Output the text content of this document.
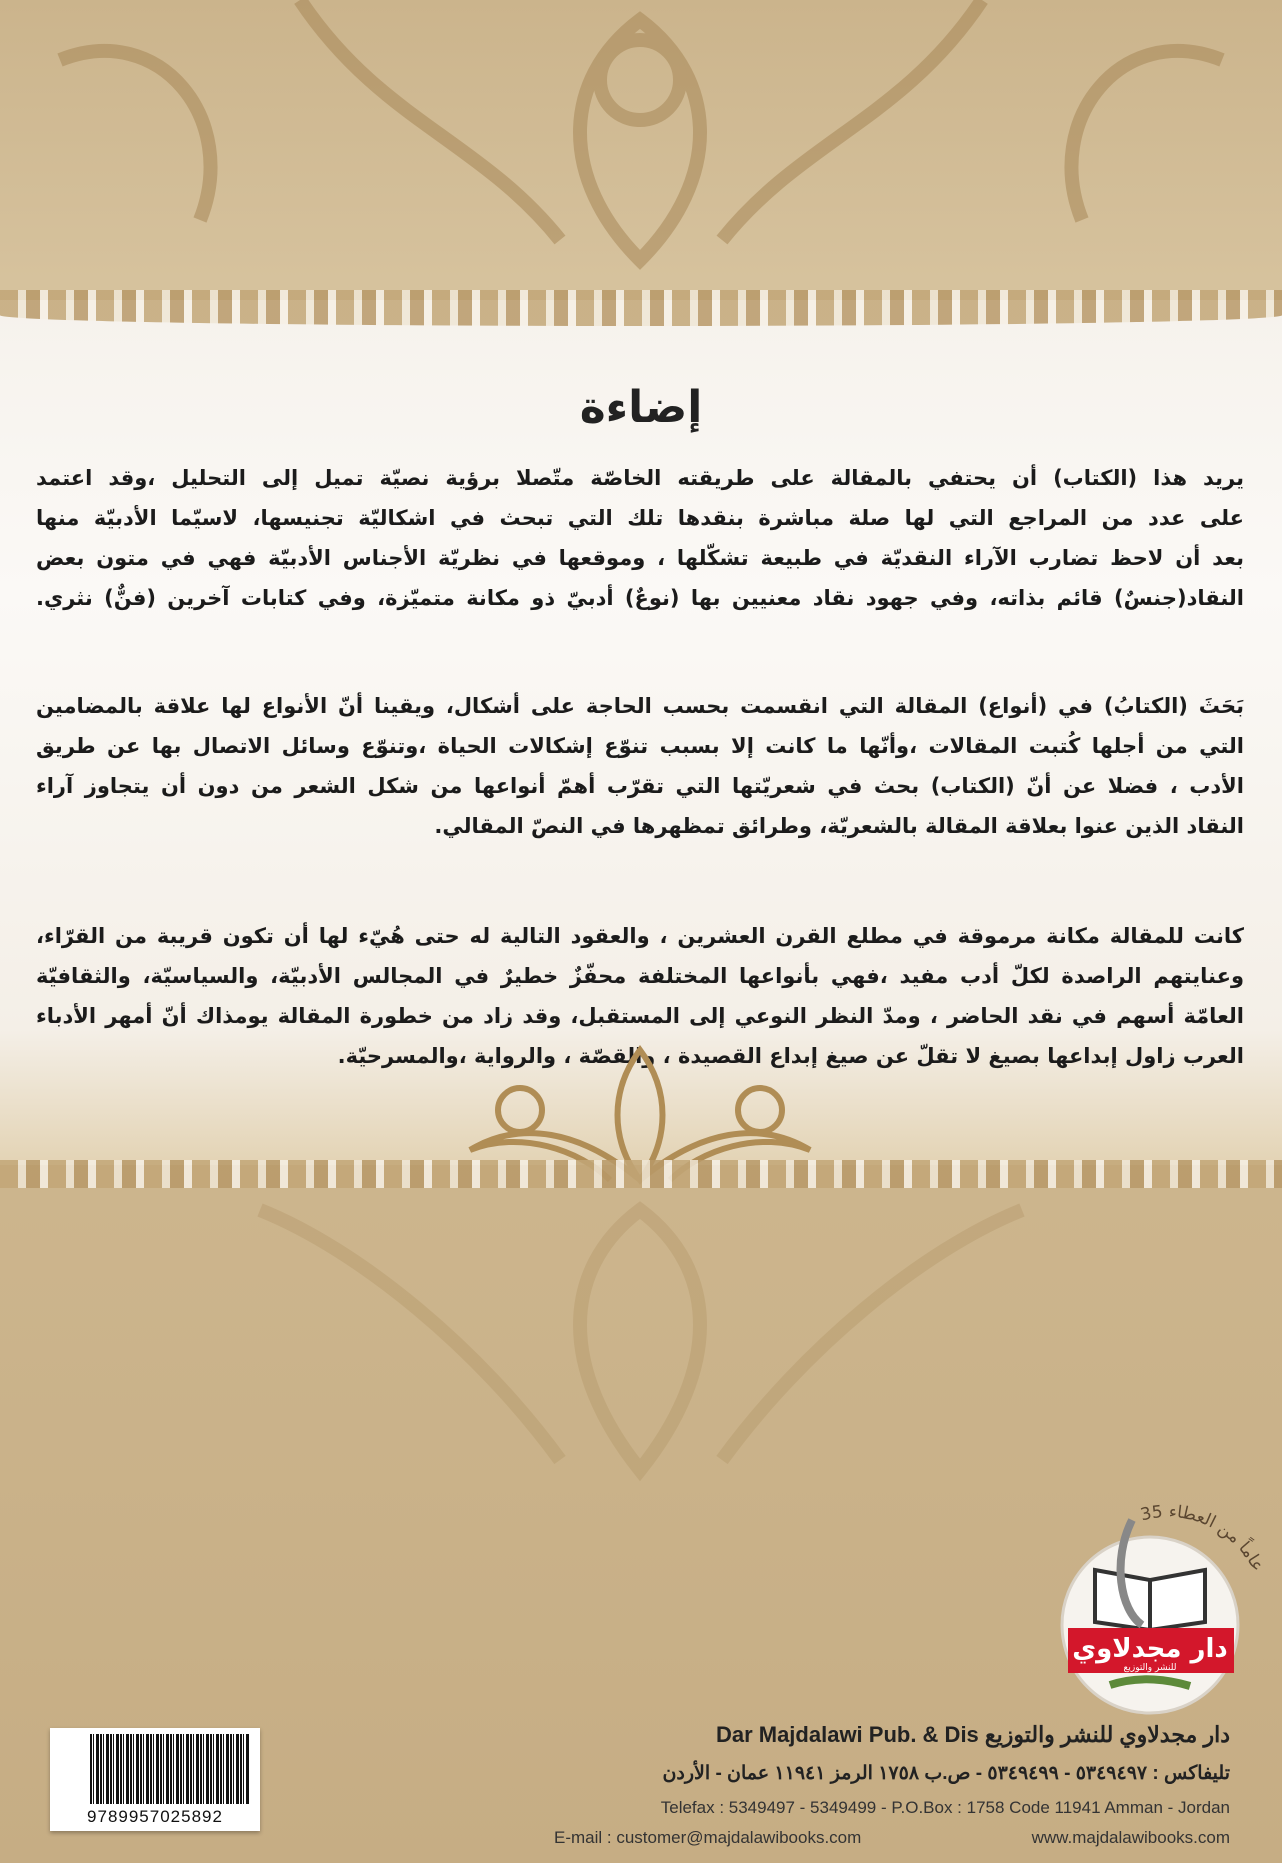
إضاءة
يريد هذا (الكتاب) أن يحتفي بالمقالة على طريقته الخاصّة متّصلا برؤية نصيّة تميل إلى التحليل ،وقد اعتمد
على عدد من المراجع التي لها صلة مباشرة بنقدها تلك التي تبحث في اشكاليّة تجنيسها، لاسيّما الأدبيّة منها
بعد أن لاحظ تضارب الآراء النقديّة في طبيعة تشكّلها ، وموقعها في نظريّة الأجناس الأدبيّة فهي في متون بعض
النقاد(جنسٌ) قائم بذاته، وفي جهود نقاد معنيين بها (نوعٌ) أدبيّ ذو مكانة متميّزة، وفي كتابات آخرين (فنٌّ) نثري.
بَحَثَ (الكتابُ) في (أنواع) المقالة التي انقسمت بحسب الحاجة على أشكال، ويقينا أنّ الأنواع لها علاقة بالمضامين
التي من أجلها كُتبت المقالات ،وأنّها ما كانت إلا بسبب تنوّع إشكالات الحياة ،وتنوّع وسائل الاتصال بها عن طريق
الأدب ، فضلا عن أنّ (الكتاب) بحث في شعريّتها التي تقرّب أهمّ أنواعها من شكل الشعر من دون أن يتجاوز آراء
النقاد الذين عنوا بعلاقة المقالة بالشعريّة، وطرائق تمظهرها في النصّ المقالي.
كانت للمقالة مكانة مرموقة في مطلع القرن العشرين ، والعقود التالية له حتى هُيّء لها أن تكون قريبة من القرّاء،
وعنايتهم الراصدة لكلّ أدب مفيد ،فهي بأنواعها المختلفة محفّزٌ خطيرٌ في المجالس الأدبيّة، والسياسيّة، والثقافيّة
العامّة أسهم في نقد الحاضر ، ومدّ النظر النوعي إلى المستقبل، وقد زاد من خطورة المقالة يومذاك أنّ أمهر الأدباء
العرب زاول إبداعها بصيغ لا تقلّ عن صيغ إبداع القصيدة ، والقصّة ، والرواية ،والمسرحيّة.
35 عاماً من العطاء
دار مجدلاوي
للنشر والتوزيع
9789957025892
Dar Majdalawi Pub. & Dis دار مجدلاوي للنشر والتوزيع
تليفاكس : ٥٣٤٩٤٩٧ - ٥٣٤٩٤٩٩ - ص.ب ١٧٥٨ الرمز ١١٩٤١ عمان - الأردن
Telefax : 5349497 - 5349499 - P.O.Box : 1758 Code 11941 Amman - Jordan
E-mail : customer@majdalawibooks.com	www.majdalawibooks.com
